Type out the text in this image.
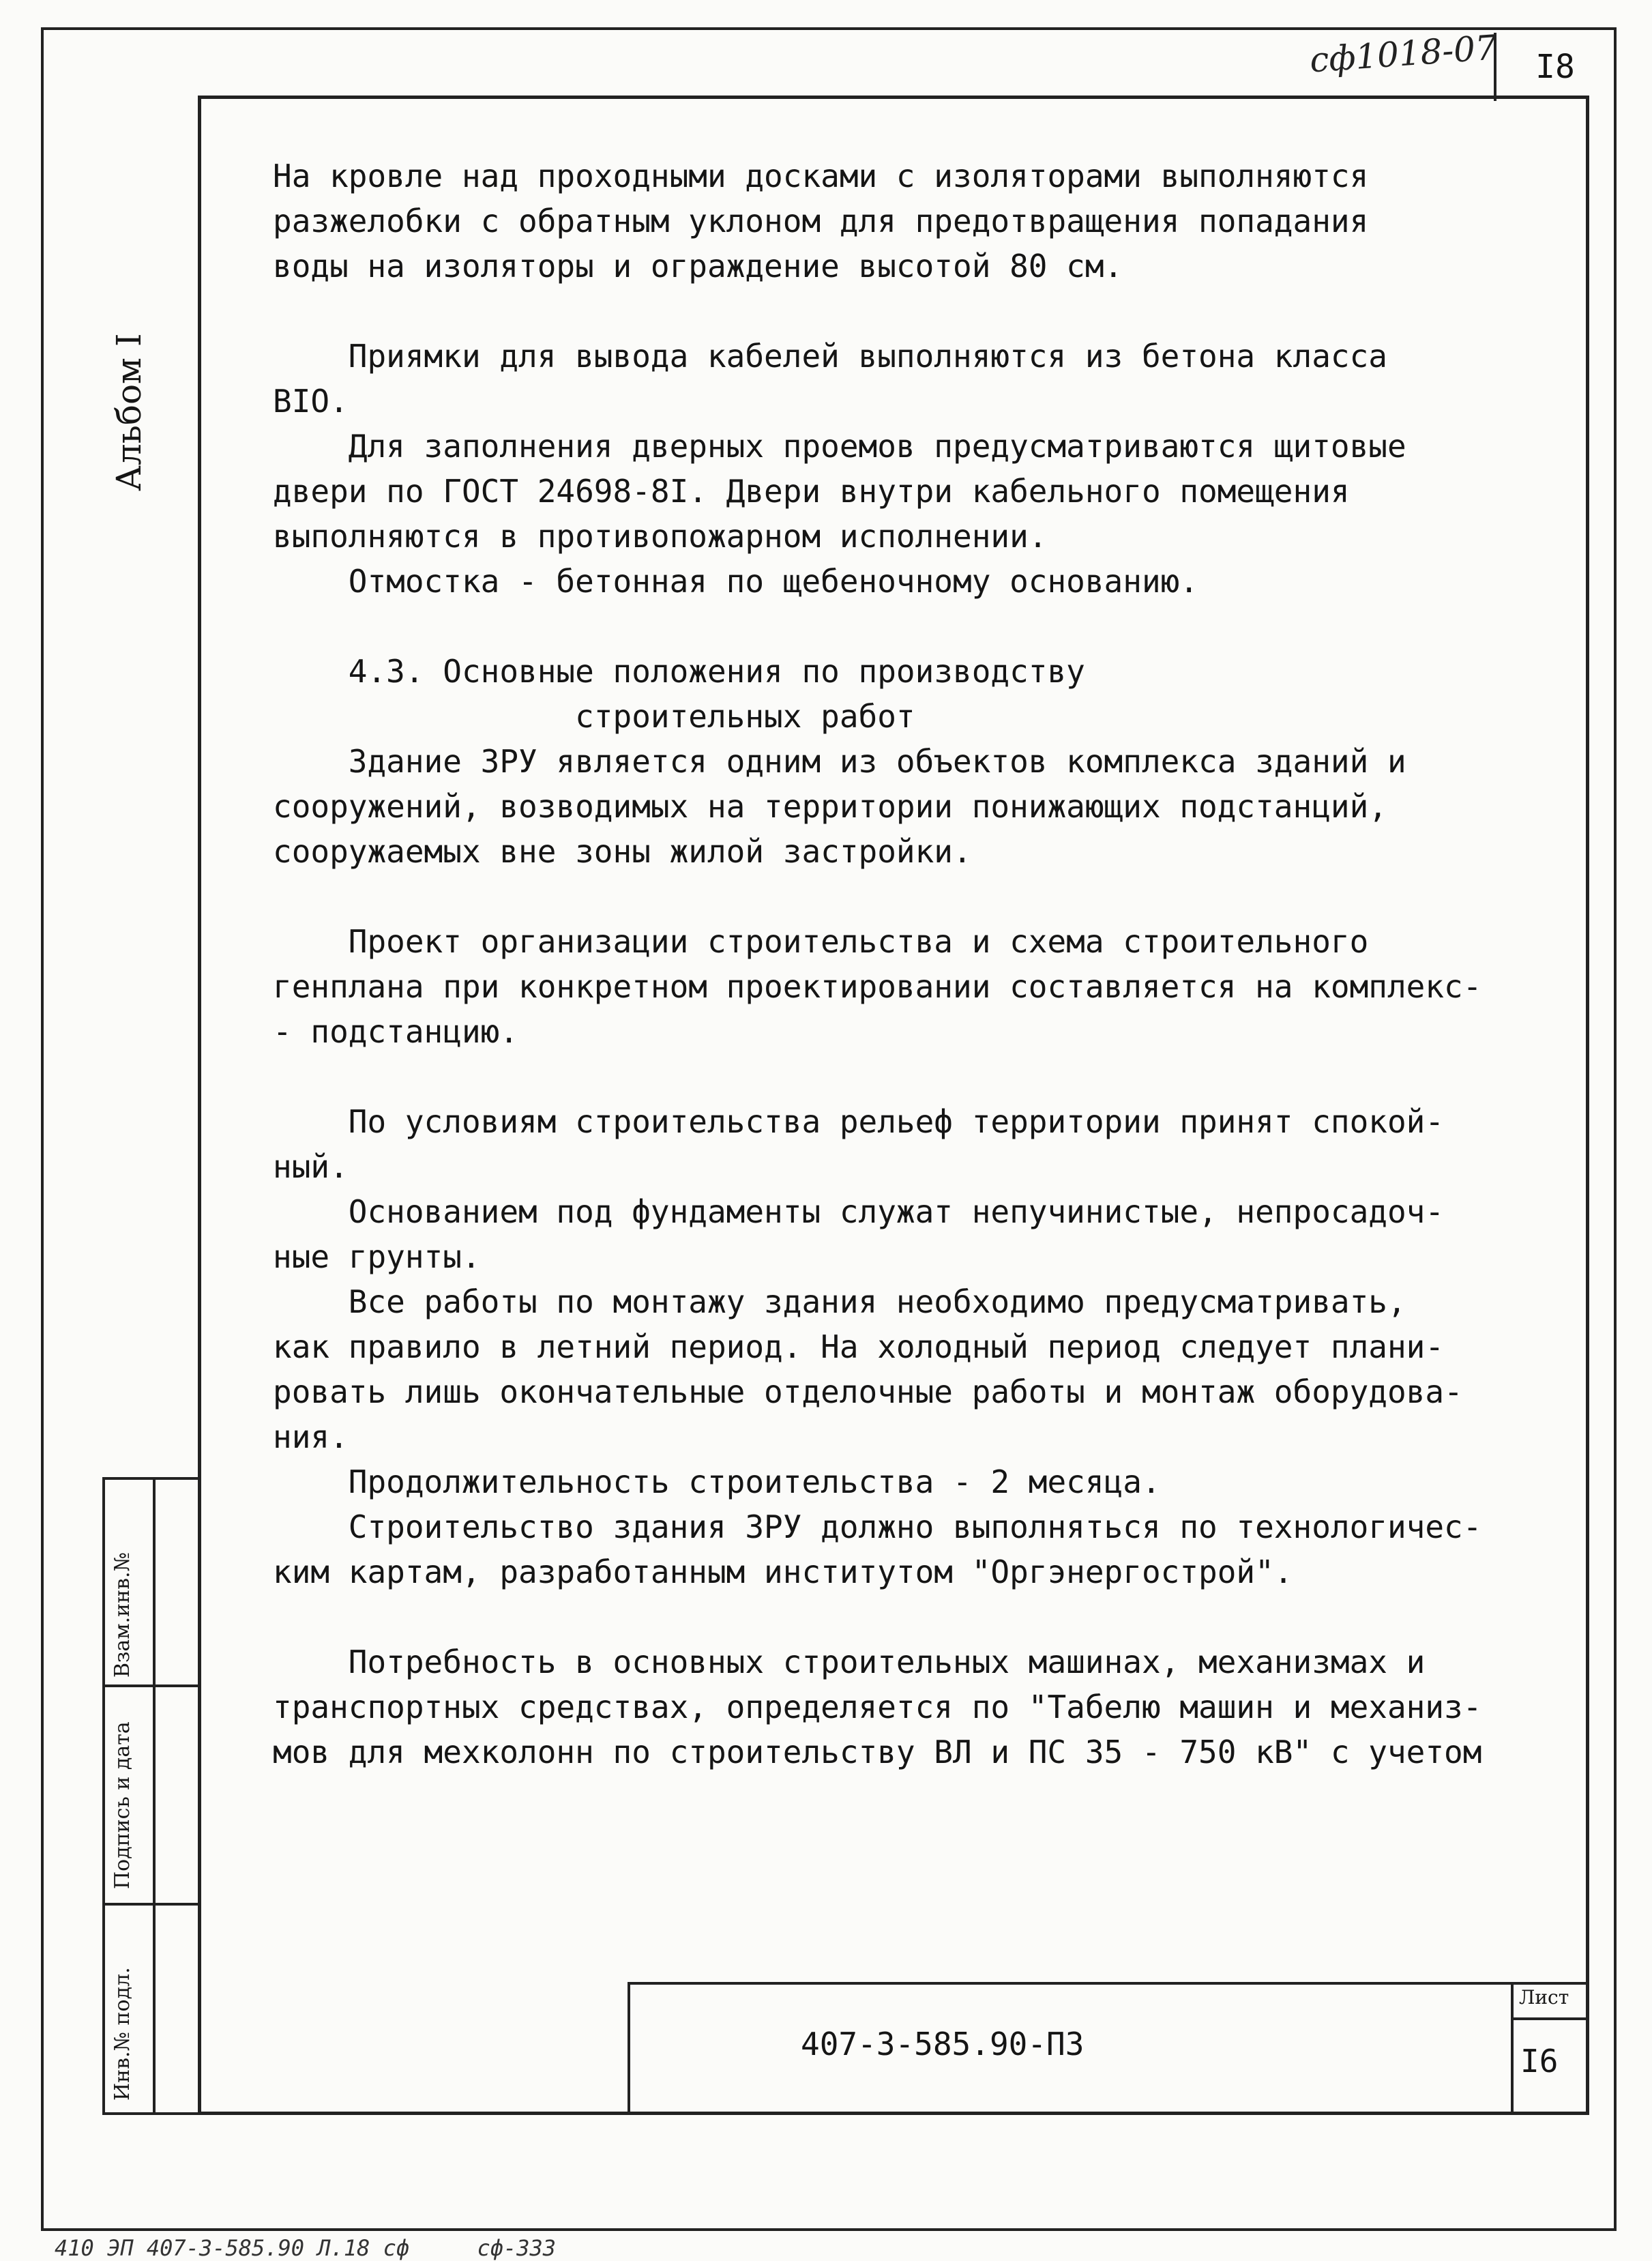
сф1018-07 I8
Альбом I
Взам.инв.№
Подпись и дата
Инв.№ подл.

На кровле над проходными досками с изоляторами выполняются

разжелобки с обратным уклоном для предотвращения попадания

воды на изоляторы и ограждение высотой 80 см.

Приямки для вывода кабелей выполняются из бетона класса

BIO.

Для заполнения дверных проемов предусматриваются щитовые

двери по ГОСТ 24698-8I. Двери внутри кабельного помещения

выполняются в противопожарном исполнении.

Отмостка - бетонная по щебеночному основанию.

4.3. Основные положения по производству

строительных работ

Здание ЗРУ является одним из объектов комплекса зданий и

сооружений, возводимых на территории понижающих подстанций,

сооружаемых вне зоны жилой застройки.

Проект организации строительства и схема строительного

генплана при конкретном проектировании составляется на комплекс-

- подстанцию.

По условиям строительства рельеф территории принят спокой-

ный.

Основанием под фундаменты служат непучинистые, непросадоч-

ные грунты.

Все работы по монтажу здания необходимо предусматривать,

как правило в летний период. На холодный период следует плани-

ровать лишь окончательные отделочные работы и монтаж оборудова-

ния.

Продолжительность строительства - 2 месяца.

Строительство здания ЗРУ должно выполняться по технологичес-

ким картам, разработанным институтом "Оргэнергострой".

Потребность в основных строительных машинах, механизмах и

транспортных средствах, определяется по "Табелю машин и механиз-

мов для мехколонн по строительству ВЛ и ПС 35 - 750 кВ" с учетом

407-3-585.90-ПЗ
Лист
I6
410 ЭП 407-3-585.90 Л.18 сф	сф-333
